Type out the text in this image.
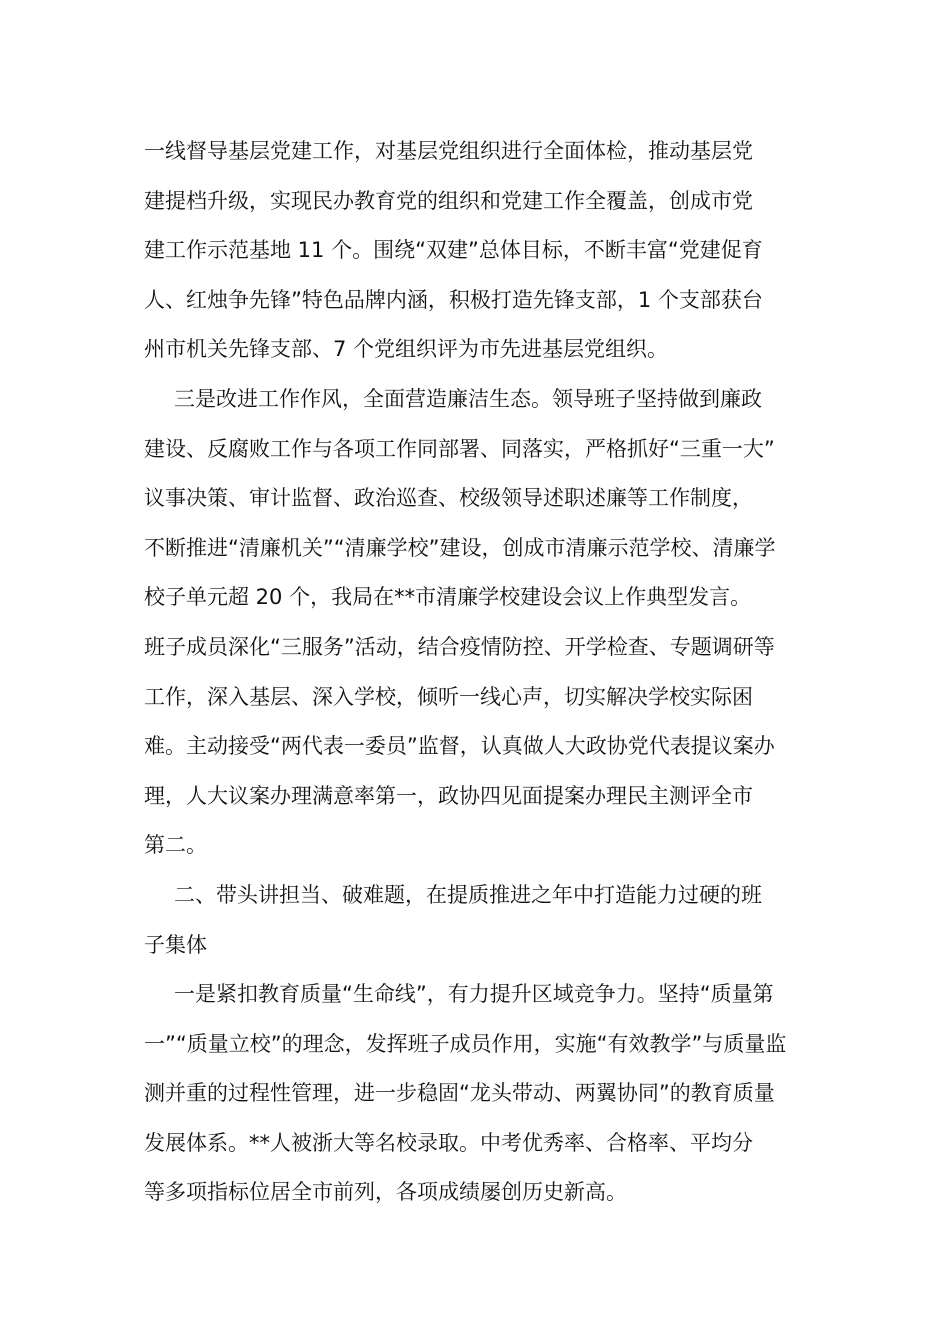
一线督导基层党建工作，对基层党组织进行全面体检，推动基层党
建提档升级，实现民办教育党的组织和党建工作全覆盖，创成市党
建工作示范基地 11 个。围绕“双建”总体目标，不断丰富“党建促育
人、红烛争先锋”特色品牌内涵，积极打造先锋支部，1 个支部获台
州市机关先锋支部、7 个党组织评为市先进基层党组织。
三是改进工作作风，全面营造廉洁生态。领导班子坚持做到廉政
建设、反腐败工作与各项工作同部署、同落实，严格抓好“三重一大”
议事决策、审计监督、政治巡查、校级领导述职述廉等工作制度，
不断推进“清廉机关”“清廉学校”建设，创成市清廉示范学校、清廉学
校子单元超 20 个，我局在**市清廉学校建设会议上作典型发言。
班子成员深化“三服务”活动，结合疫情防控、开学检查、专题调研等
工作，深入基层、深入学校，倾听一线心声，切实解决学校实际困
难。主动接受“两代表一委员”监督，认真做人大政协党代表提议案办
理，人大议案办理满意率第一，政协四见面提案办理民主测评全市
第二。
二、带头讲担当、破难题，在提质推进之年中打造能力过硬的班
子集体
一是紧扣教育质量“生命线”，有力提升区域竞争力。坚持“质量第
一”“质量立校”的理念，发挥班子成员作用，实施“有效教学”与质量监
测并重的过程性管理，进一步稳固“龙头带动、两翼协同”的教育质量
发展体系。**人被浙大等名校录取。中考优秀率、合格率、平均分
等多项指标位居全市前列，各项成绩屡创历史新高。
